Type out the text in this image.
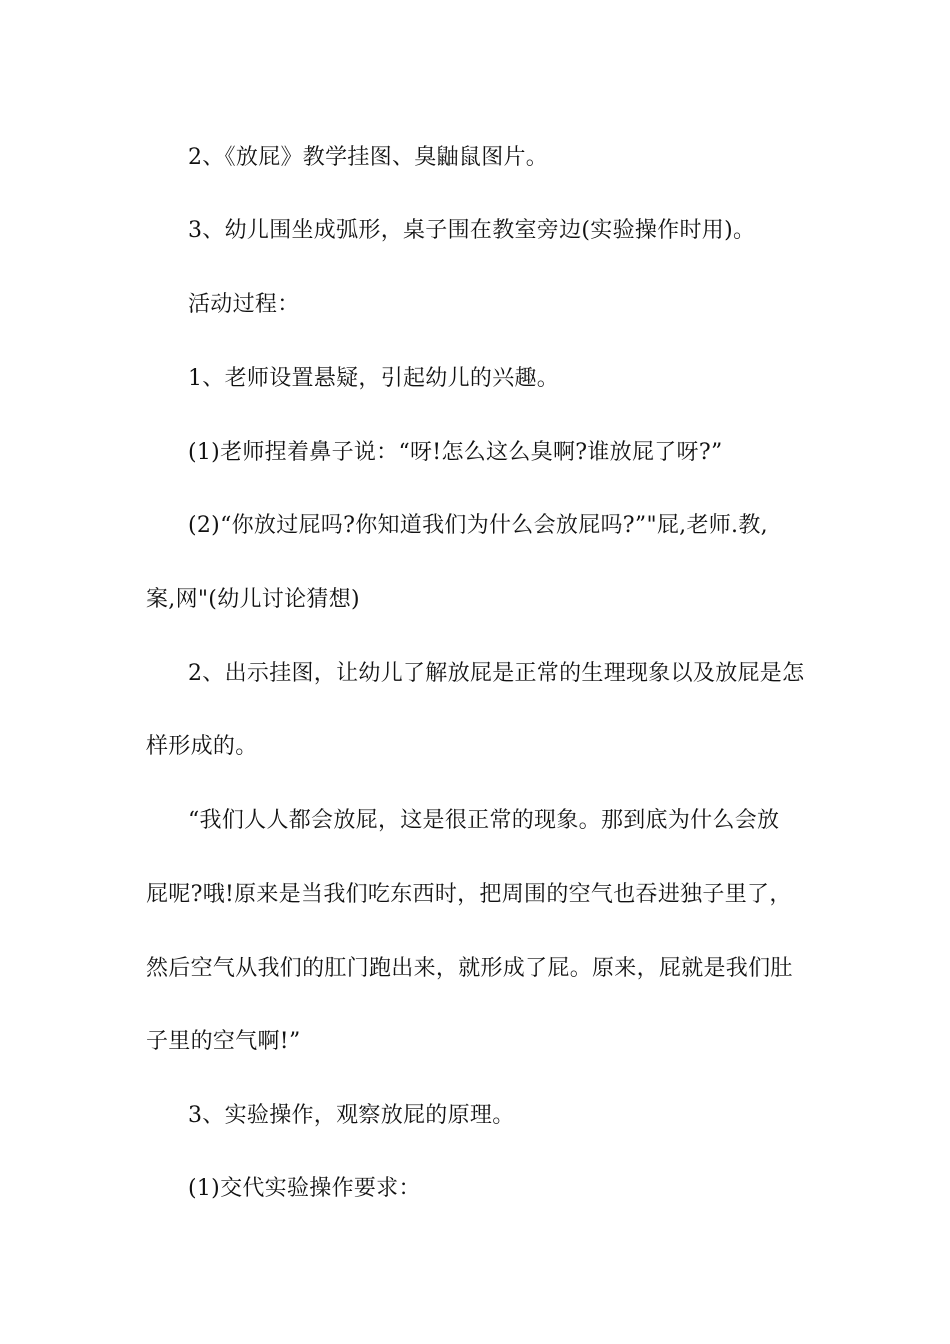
2、《放屁》教学挂图、臭鼬鼠图片。
3、幼儿围坐成弧形，桌子围在教室旁边(实验操作时用)。
活动过程：
1、老师设置悬疑，引起幼儿的兴趣。
(1)老师捏着鼻子说：“呀!怎么这么臭啊?谁放屁了呀?”
(2)“你放过屁吗?你知道我们为什么会放屁吗?”"屁,老师.教,
案,网"(幼儿讨论猜想)
2、出示挂图，让幼儿了解放屁是正常的生理现象以及放屁是怎
样形成的。
“我们人人都会放屁，这是很正常的现象。那到底为什么会放
屁呢?哦!原来是当我们吃东西时，把周围的空气也吞进独子里了，
然后空气从我们的肛门跑出来，就形成了屁。原来，屁就是我们肚
子里的空气啊!”
3、实验操作，观察放屁的原理。
(1)交代实验操作要求：
